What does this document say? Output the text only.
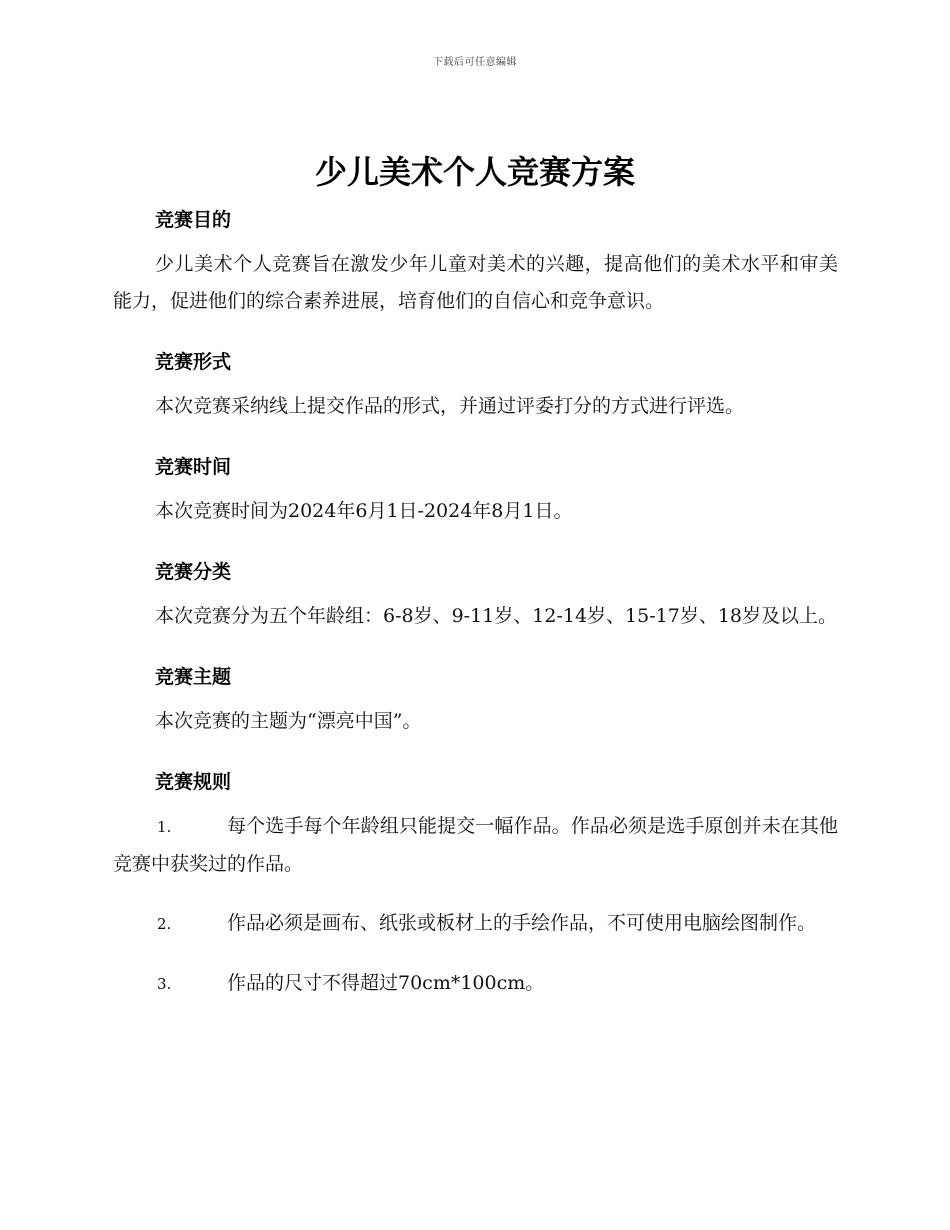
下载后可任意编辑
少儿美术个人竞赛方案
竞赛目的

少儿美术个人竞赛旨在激发少年儿童对美术的兴趣，提高他们的美术水平和审美能力，促进他们的综合素养进展，培育他们的自信心和竞争意识。

竞赛形式

本次竞赛采纳线上提交作品的形式，并通过评委打分的方式进行评选。

竞赛时间

本次竞赛时间为2024年6月1日-2024年8月1日。

竞赛分类

本次竞赛分为五个年龄组：6-8岁、9-11岁、12-14岁、15-17岁、18岁及以上。

竞赛主题

本次竞赛的主题为“漂亮中国”。

竞赛规则

1.	每个选手每个年龄组只能提交一幅作品。作品必须是选手原创并未在其他竞赛中获奖过的作品。

2.	作品必须是画布、纸张或板材上的手绘作品，不可使用电脑绘图制作。

3.	作品的尺寸不得超过70cm*100cm。
